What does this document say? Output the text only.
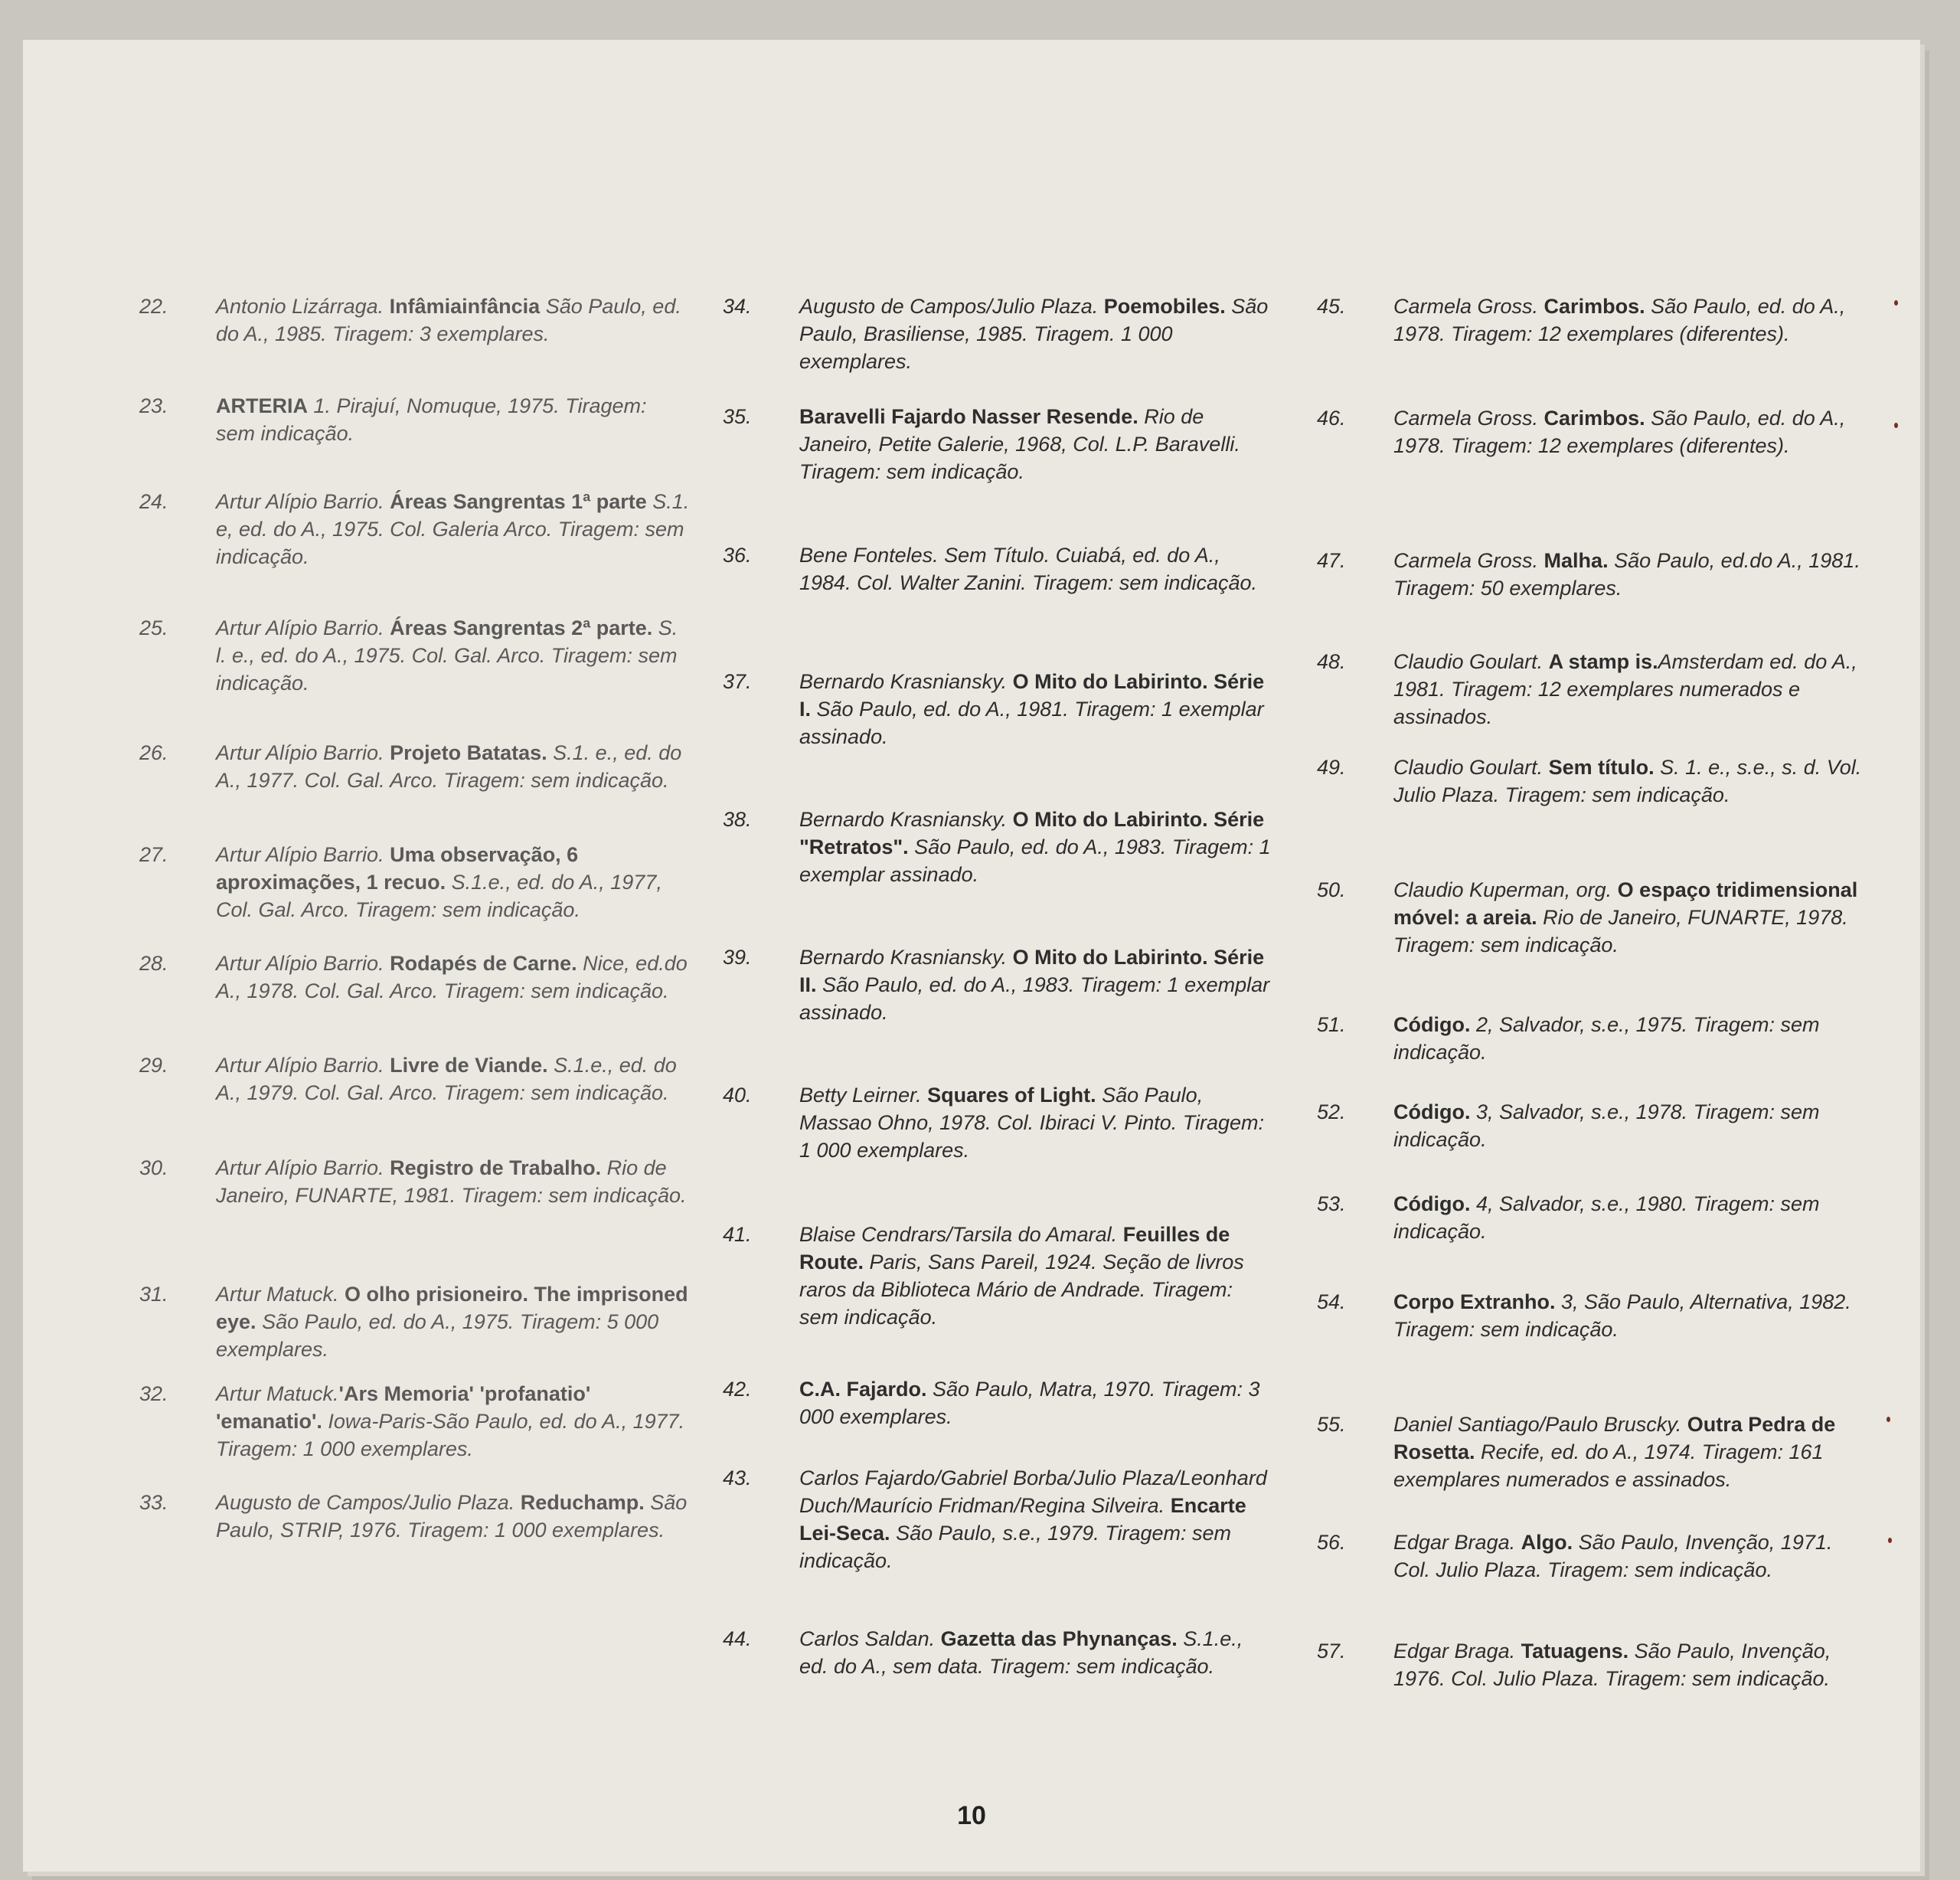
22. Antonio Lizárraga. Infâmiainfância São Paulo, ed. do A., 1985. Tiragem: 3 exemplares.
23. ARTERIA 1. Pirajuí, Nomuque, 1975. Tiragem: sem indicação.
24. Artur Alípio Barrio. Áreas Sangrentas 1ª parte S.1. e, ed. do A., 1975. Col. Galeria Arco. Tiragem: sem indicação.
25. Artur Alípio Barrio. Áreas Sangrentas 2ª parte. S. l. e., ed. do A., 1975. Col. Gal. Arco. Tiragem: sem indicação.
26. Artur Alípio Barrio. Projeto Batatas. S.1. e., ed. do A., 1977. Col. Gal. Arco. Tiragem: sem indicação.
27. Artur Alípio Barrio. Uma observação, 6 aproximações, 1 recuo. S.1.e., ed. do A., 1977, Col. Gal. Arco. Tiragem: sem indicação.
28. Artur Alípio Barrio. Rodapés de Carne. Nice, ed.do A., 1978. Col. Gal. Arco. Tiragem: sem indicação.
29. Artur Alípio Barrio. Livre de Viande. S.1.e., ed. do A., 1979. Col. Gal. Arco. Tiragem: sem indicação.
30. Artur Alípio Barrio. Registro de Trabalho. Rio de Janeiro, FUNARTE, 1981. Tiragem: sem indicação.
31. Artur Matuck. O olho prisioneiro. The imprisoned eye. São Paulo, ed. do A., 1975. Tiragem: 5 000 exemplares.
32. Artur Matuck.'Ars Memoria' 'profanatio' 'emanatio'. Iowa-Paris-São Paulo, ed. do A., 1977. Tiragem: 1 000 exemplares.
33. Augusto de Campos/Julio Plaza. Reduchamp. São Paulo, STRIP, 1976. Tiragem: 1 000 exemplares.
34. Augusto de Campos/Julio Plaza. Poemobiles. São Paulo, Brasiliense, 1985. Tiragem. 1 000 exemplares.
35. Baravelli Fajardo Nasser Resende. Rio de Janeiro, Petite Galerie, 1968, Col. L.P. Baravelli. Tiragem: sem indicação.
36. Bene Fonteles. Sem Título. Cuiabá, ed. do A., 1984. Col. Walter Zanini. Tiragem: sem indicação.
37. Bernardo Krasniansky. O Mito do Labirinto. Série I. São Paulo, ed. do A., 1981. Tiragem: 1 exemplar assinado.
38. Bernardo Krasniansky. O Mito do Labirinto. Série "Retratos". São Paulo, ed. do A., 1983. Tiragem: 1 exemplar assinado.
39. Bernardo Krasniansky. O Mito do Labirinto. Série II. São Paulo, ed. do A., 1983. Tiragem: 1 exemplar assinado.
40. Betty Leirner. Squares of Light. São Paulo, Massao Ohno, 1978. Col. Ibiraci V. Pinto. Tiragem: 1 000 exemplares.
41. Blaise Cendrars/Tarsila do Amaral. Feuilles de Route. Paris, Sans Pareil, 1924. Seção de livros raros da Biblioteca Mário de Andrade. Tiragem: sem indicação.
42. C.A. Fajardo. São Paulo, Matra, 1970. Tiragem: 3 000 exemplares.
43. Carlos Fajardo/Gabriel Borba/Julio Plaza/Leonhard Duch/Maurício Fridman/Regina Silveira. Encarte Lei-Seca. São Paulo, s.e., 1979. Tiragem: sem indicação.
44. Carlos Saldan. Gazetta das Phynanças. S.1.e., ed. do A., sem data. Tiragem: sem indicação.
45. Carmela Gross. Carimbos. São Paulo, ed. do A., 1978. Tiragem: 12 exemplares (diferentes).
46. Carmela Gross. Carimbos. São Paulo, ed. do A., 1978. Tiragem: 12 exemplares (diferentes).
47. Carmela Gross. Malha. São Paulo, ed.do A., 1981. Tiragem: 50 exemplares.
48. Claudio Goulart. A stamp is.Amsterdam ed. do A., 1981. Tiragem: 12 exemplares numerados e assinados.
49. Claudio Goulart. Sem título. S. 1. e., s.e., s. d. Vol. Julio Plaza. Tiragem: sem indicação.
50. Claudio Kuperman, org. O espaço tridimensional móvel: a areia. Rio de Janeiro, FUNARTE, 1978. Tiragem: sem indicação.
51. Código. 2, Salvador, s.e., 1975. Tiragem: sem indicação.
52. Código. 3, Salvador, s.e., 1978. Tiragem: sem indicação.
53. Código. 4, Salvador, s.e., 1980. Tiragem: sem indicação.
54. Corpo Extranho. 3, São Paulo, Alternativa, 1982. Tiragem: sem indicação.
55. Daniel Santiago/Paulo Bruscky. Outra Pedra de Rosetta. Recife, ed. do A., 1974. Tiragem: 161 exemplares numerados e assinados.
56. Edgar Braga. Algo. São Paulo, Invenção, 1971. Col. Julio Plaza. Tiragem: sem indicação.
57. Edgar Braga. Tatuagens. São Paulo, Invenção, 1976. Col. Julio Plaza. Tiragem: sem indicação.
10
